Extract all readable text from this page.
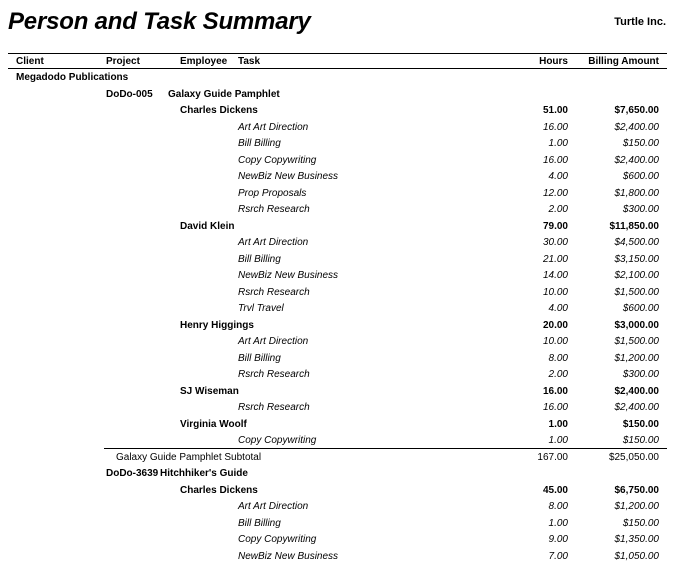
Person and Task Summary	Turtle Inc.
Client	Project	Employee Task	Hours Billing Amount
Megadodo Publications
DoDo-005 Galaxy Guide Pamphlet
Charles Dickens	51.00	$7,650.00
Art Art Direction	16.00	$2,400.00
Bill Billing	1.00	$150.00
Copy Copywriting	16.00	$2,400.00
NewBiz New Business	4.00	$600.00
Prop Proposals	12.00	$1,800.00
Rsrch Research	2.00	$300.00
David Klein	79.00	$11,850.00
Art Art Direction	30.00	$4,500.00
Bill Billing	21.00	$3,150.00
NewBiz New Business	14.00	$2,100.00
Rsrch Research	10.00	$1,500.00
Trvl Travel	4.00	$600.00
Henry Higgings	20.00	$3,000.00
Art Art Direction	10.00	$1,500.00
Bill Billing	8.00	$1,200.00
Rsrch Research	2.00	$300.00
SJ Wiseman	16.00	$2,400.00
Rsrch Research	16.00	$2,400.00
Virginia Woolf	1.00	$150.00
Copy Copywriting	1.00	$150.00
Galaxy Guide Pamphlet Subtotal	167.00	$25,050.00
DoDo-3639 Hitchhiker's Guide
Charles Dickens	45.00	$6,750.00
Art Art Direction	8.00	$1,200.00
Bill Billing	1.00	$150.00
Copy Copywriting	9.00	$1,350.00
NewBiz New Business	7.00	$1,050.00
